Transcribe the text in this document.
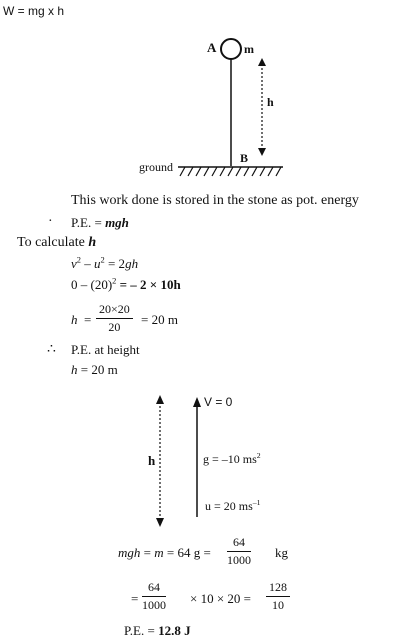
W = mg x h
A m
h
B
ground
This work done is stored in the stone as pot. energy
P.E. = mgh
·
To calculate h
$v^2 - u^2 = 2gh$
$0 - (20)^2$ = – 2 × 10h
$h = \frac{20\times 20}{20} = 20$ m
∴ P.E. at height
h = 20 m
V = 0
h	g = –10 $ms^2$
u = 20 $ms^{-1}$
mgh = m = 64 $g = \frac{64}{1000}$ kg
= $\frac{64}{1000} \times 10 \times 20 = \frac{128}{10}$
P.E. = 12.8 J
